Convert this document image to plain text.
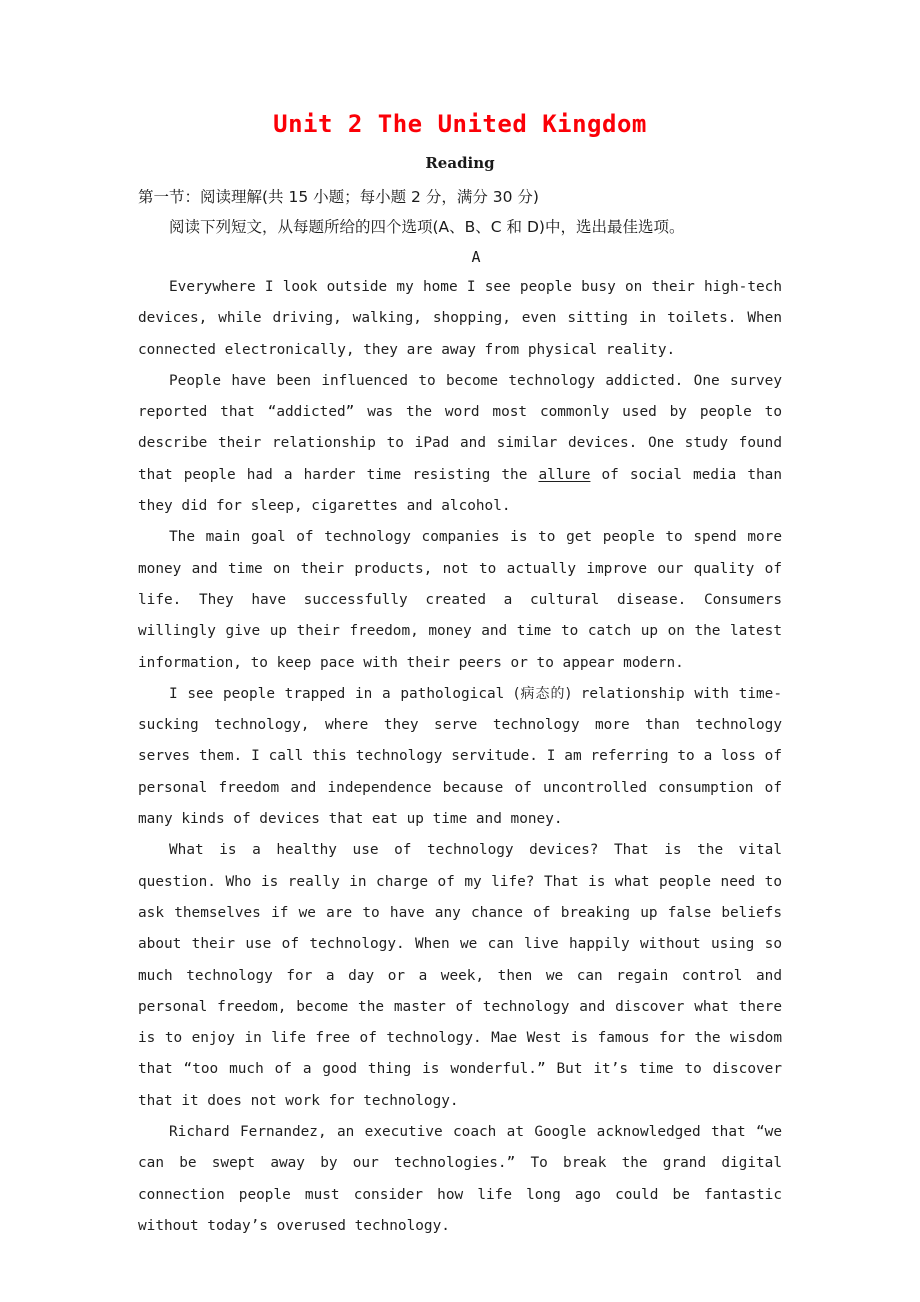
Unit 2 The United Kingdom
Reading
第一节：阅读理解(共 15 小题；每小题 2 分，满分 30 分)
阅读下列短文，从每题所给的四个选项(A、B、C 和 D)中，选出最佳选项。
A

Everywhere I look outside my home I see people busy on their high-tech devices, while driving, walking, shopping, even sitting in toilets. When connected electronically, they are away from physical reality.

People have been influenced to become technology addicted. One survey reported that “addicted” was the word most commonly used by people to describe their relationship to iPad and similar devices. One study found that people had a harder time resisting the allure of social media than they did for sleep, cigarettes and alcohol.

The main goal of technology companies is to get people to spend more money and time on their products, not to actually improve our quality of life. They have successfully created a cultural disease. Consumers willingly give up their freedom, money and time to catch up on the latest information, to keep pace with their peers or to appear modern.

I see people trapped in a pathological (病态的) relationship with time-sucking technology, where they serve technology more than technology serves them. I call this technology servitude. I am referring to a loss of personal freedom and independence because of uncontrolled consumption of many kinds of devices that eat up time and money.

What is a healthy use of technology devices? That is the vital question. Who is really in charge of my life? That is what people need to ask themselves if we are to have any chance of breaking up false beliefs about their use of technology. When we can live happily without using so much technology for a day or a week, then we can regain control and personal freedom, become the master of technology and discover what there is to enjoy in life free of technology. Mae West is famous for the wisdom that “too much of a good thing is wonderful.” But it’s time to discover that it does not work for technology.

Richard Fernandez, an executive coach at Google acknowledged that “we can be swept away by our technologies.” To break the grand digital connection people must consider how life long ago could be fantastic without today’s overused technology.
